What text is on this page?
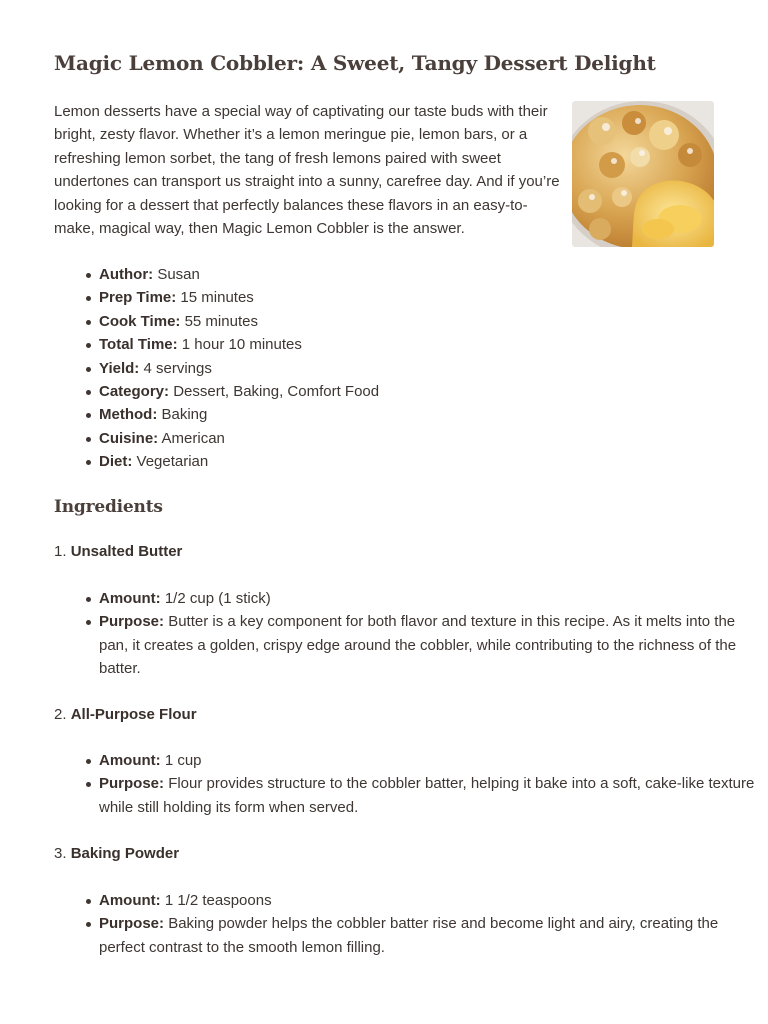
Magic Lemon Cobbler: A Sweet, Tangy Dessert Delight

Lemon desserts have a special way of captivating our taste buds with their bright, zesty flavor. Whether it’s a lemon meringue pie, lemon bars, or a refreshing lemon sorbet, the tang of fresh lemons paired with sweet undertones can transport us straight into a sunny, carefree day. And if you’re looking for a dessert that perfectly balances these flavors in an easy-to-make, magical way, then Magic Lemon Cobbler is the answer.

Author: Susan
Prep Time: 15 minutes
Cook Time: 55 minutes
Total Time: 1 hour 10 minutes
Yield: 4 servings
Category: Dessert, Baking, Comfort Food
Method: Baking
Cuisine: American
Diet: Vegetarian
Ingredients

1. Unsalted Butter

Amount: 1/2 cup (1 stick)
Purpose: Butter is a key component for both flavor and texture in this recipe. As it melts into the pan, it creates a golden, crispy edge around the cobbler, while contributing to the richness of the batter.

2. All-Purpose Flour

Amount: 1 cup
Purpose: Flour provides structure to the cobbler batter, helping it bake into a soft, cake-like texture while still holding its form when served.

3. Baking Powder

Amount: 1 1/2 teaspoons
Purpose: Baking powder helps the cobbler batter rise and become light and airy, creating the perfect contrast to the smooth lemon filling.
